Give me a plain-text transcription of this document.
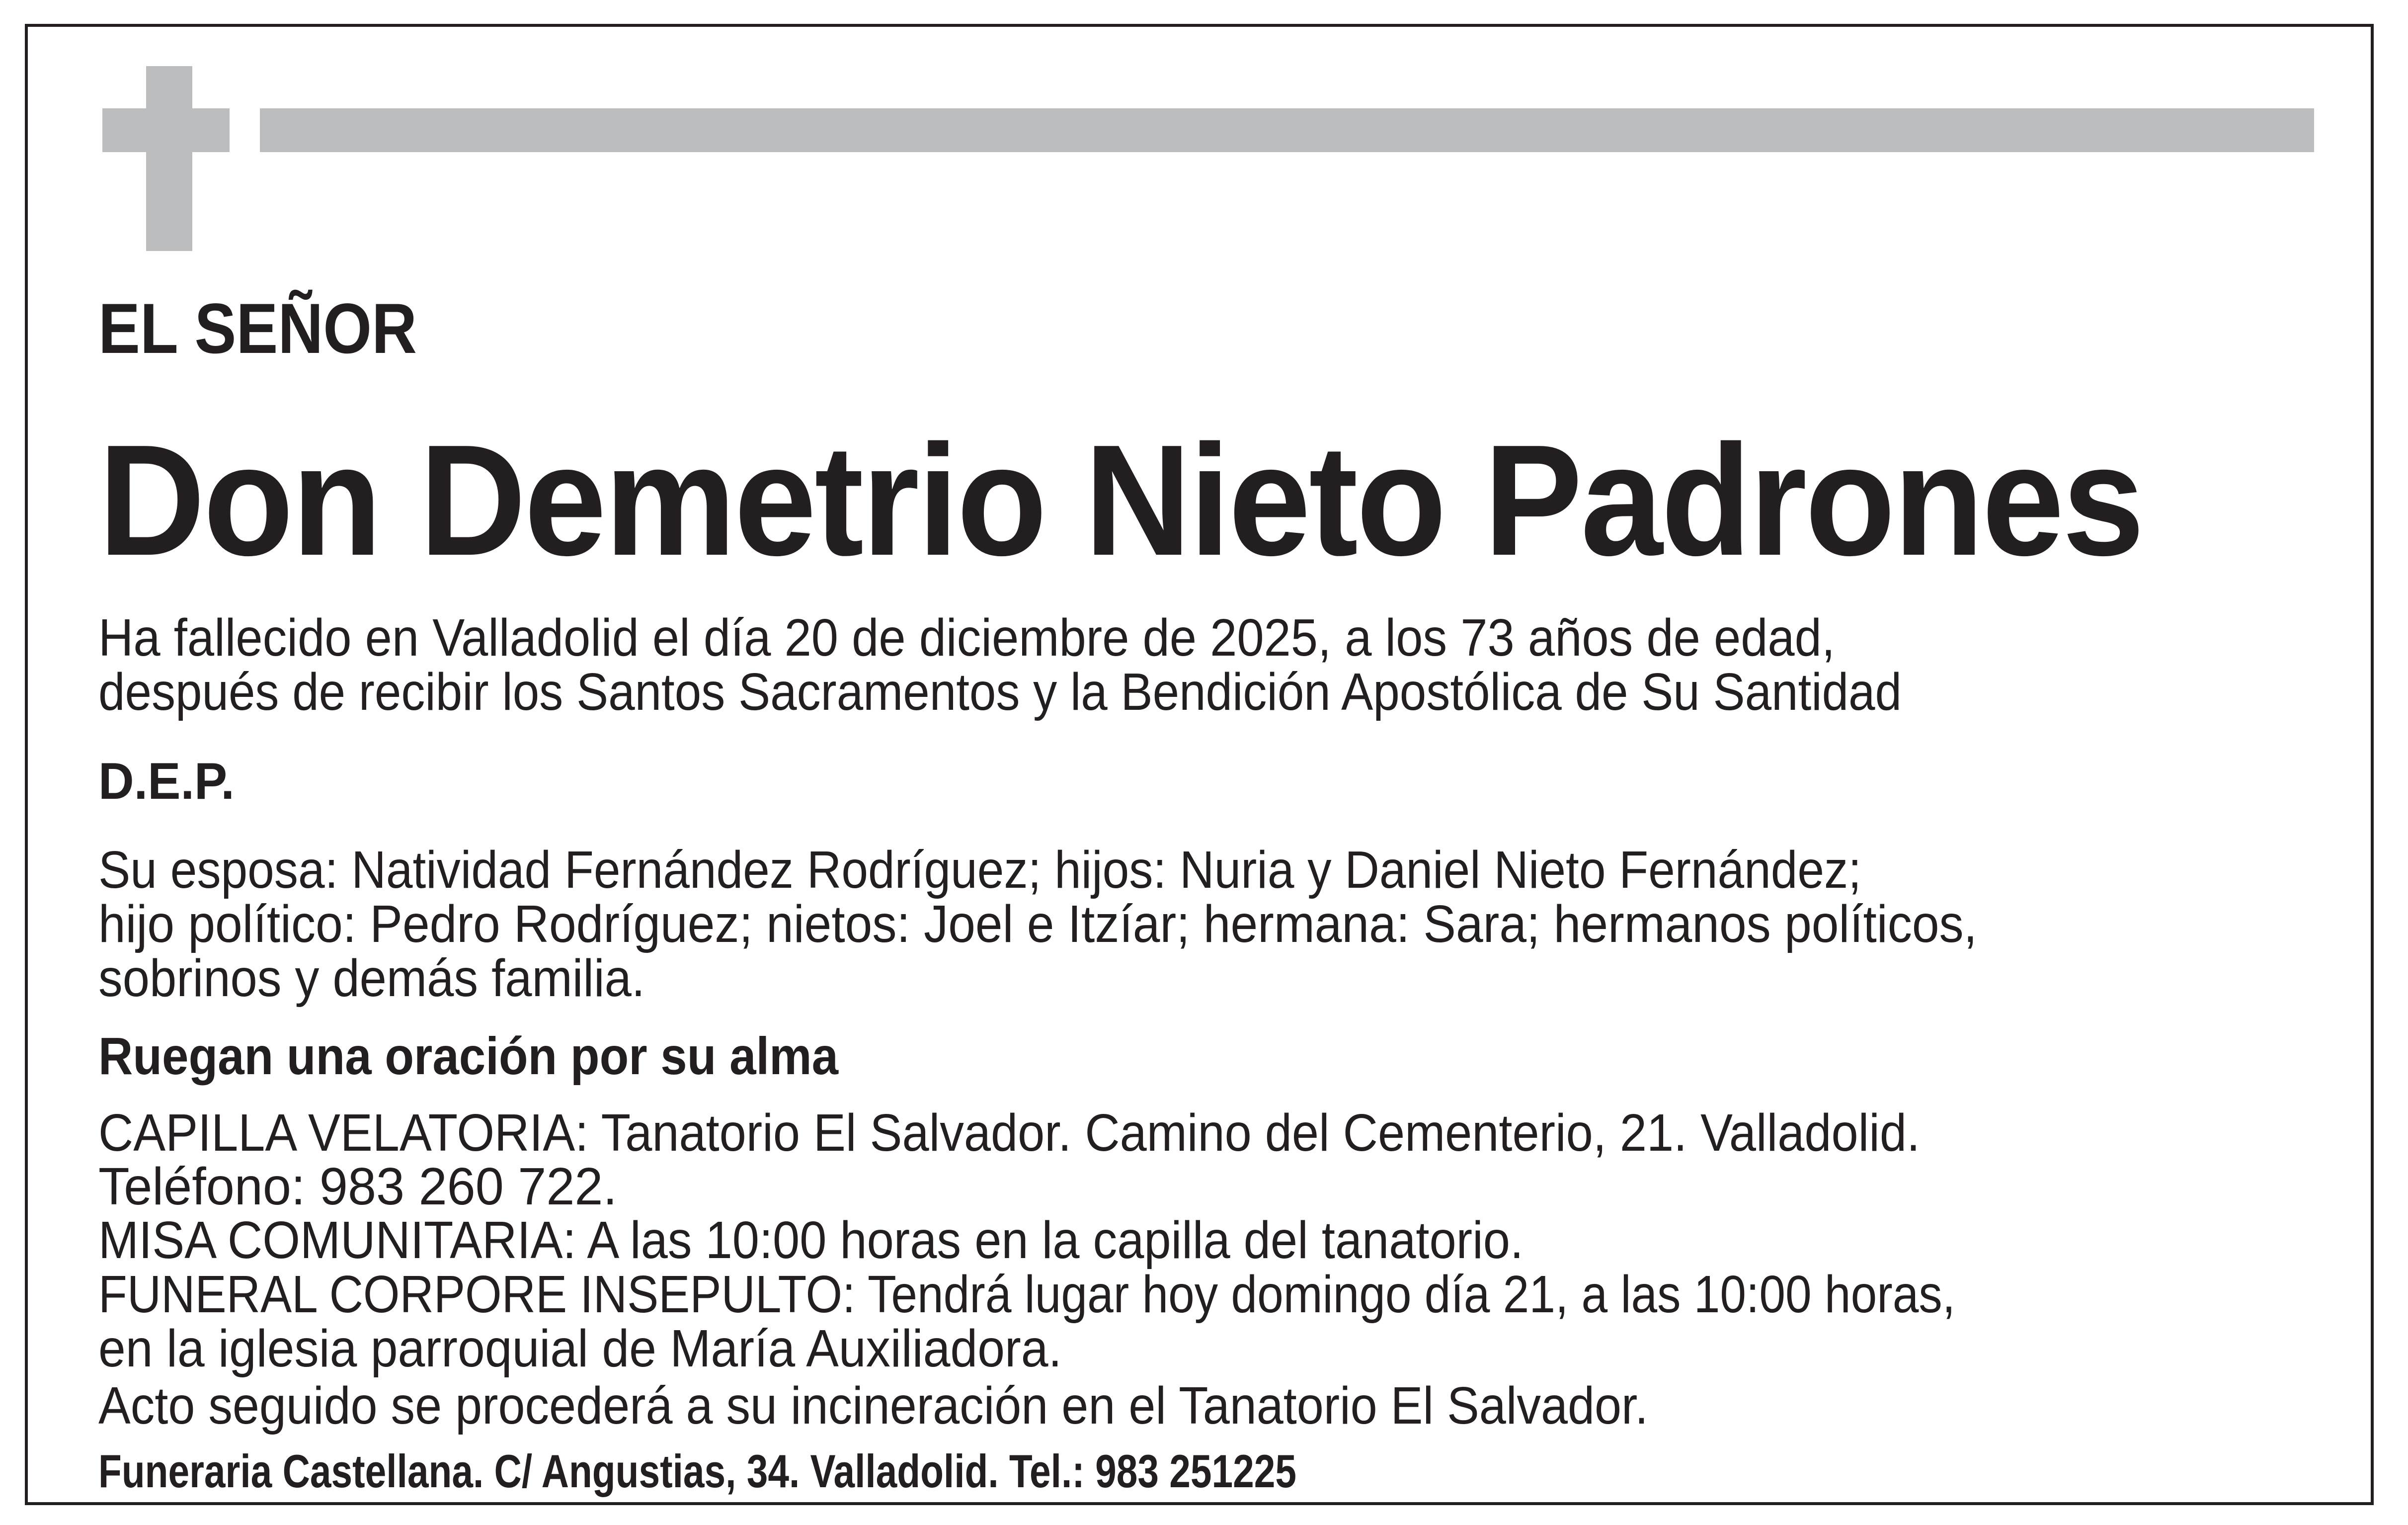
EL SEÑOR
Don Demetrio Nieto Padrones
Ha fallecido en Valladolid el día 20 de diciembre de 2025, a los 73 años de edad,
después de recibir los Santos Sacramentos y la Bendición Apostólica de Su Santidad
D.E.P.
Su esposa: Natividad Fernández Rodríguez; hijos: Nuria y Daniel Nieto Fernández;
hijo político: Pedro Rodríguez; nietos: Joel e Itzíar; hermana: Sara; hermanos políticos,
sobrinos y demás familia.
Ruegan una oración por su alma
CAPILLA VELATORIA: Tanatorio El Salvador. Camino del Cementerio, 21. Valladolid.
Teléfono: 983 260 722.
MISA COMUNITARIA: A las 10:00 horas en la capilla del tanatorio.
FUNERAL CORPORE INSEPULTO: Tendrá lugar hoy domingo día 21, a las 10:00 horas,
en la iglesia parroquial de María Auxiliadora.
Acto seguido se procederá a su incineración en el Tanatorio El Salvador.
Funeraria Castellana. C/ Angustias, 34. Valladolid. Tel.: 983 251225
